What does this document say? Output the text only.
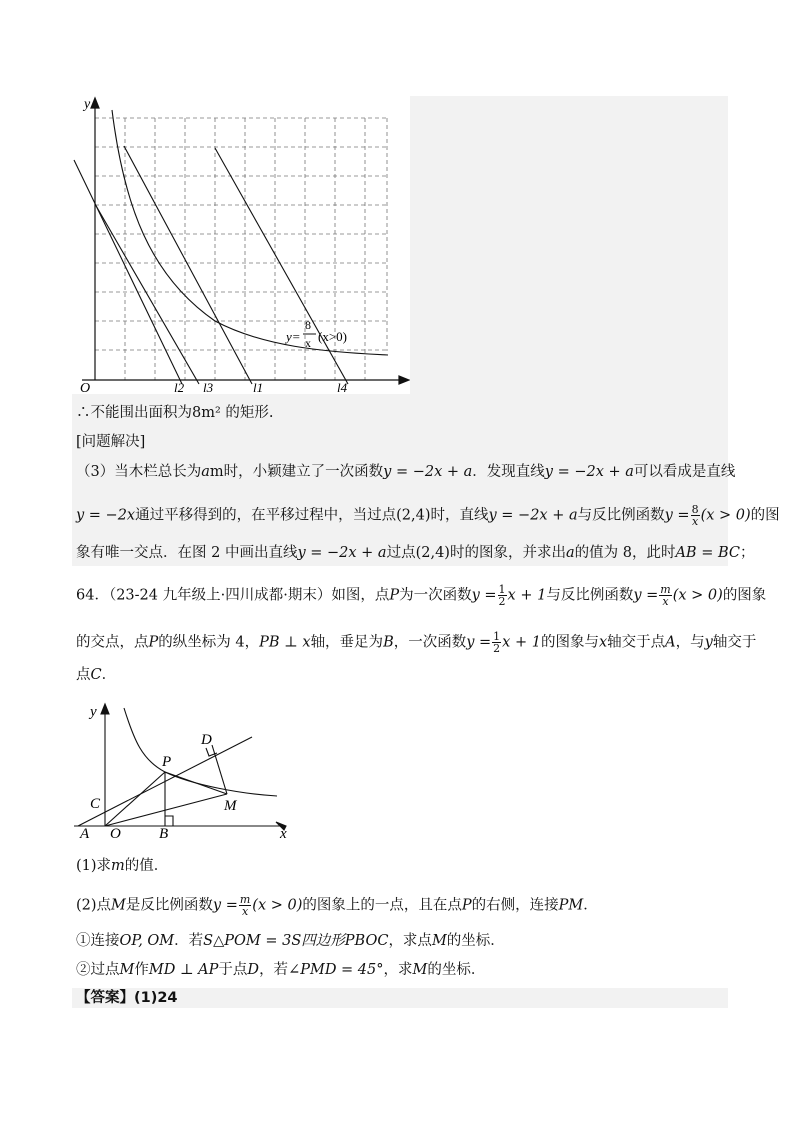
y
O	l2 l3	l1	l4
y=
8
x (x>0)
∴不能围出面积为8m² 的矩形.
[问题解决]
（3）当木栏总长为am时，小颖建立了一次函数y = −2x + a．发现直线y = −2x + a可以看成是直线
y = −2x通过平移得到的，在平移过程中，当过点(2,4)时，直线y = −2x + a与反比例函数$y = \frac{8}{x} (x > 0)$的图
象有唯一交点．在图 2 中画出直线y = −2x + a过点(2,4)时的图象，并求出a的值为 8，此时AB = BC；
64．（23-24 九年级上·四川成都·期末）如图，点P为一次函数$y = \frac{1}{2}$ x + 1与反比例函数$y = \frac{m}{x} (x > 0)$的图象
的交点，点P的纵坐标为 4，PB ⊥ x轴，垂足为B，一次函数$y = \frac{1}{2}$ x + 1的图象与x轴交于点A，与y轴交于
点C．
y
x
O
A	B
C
P
D
M
(1)求m的值．
(2)点M是反比例函数$y = \frac{m}{x} (x > 0)$的图象上的一点，且在点P的右侧，连接PM．
①连接OP, OM．若S△POM = 3S四边形PBOC，求点M的坐标．
②过点M作MD ⊥ AP于点D，若∠PMD = 45°，求M的坐标．
【答案】(1)24
